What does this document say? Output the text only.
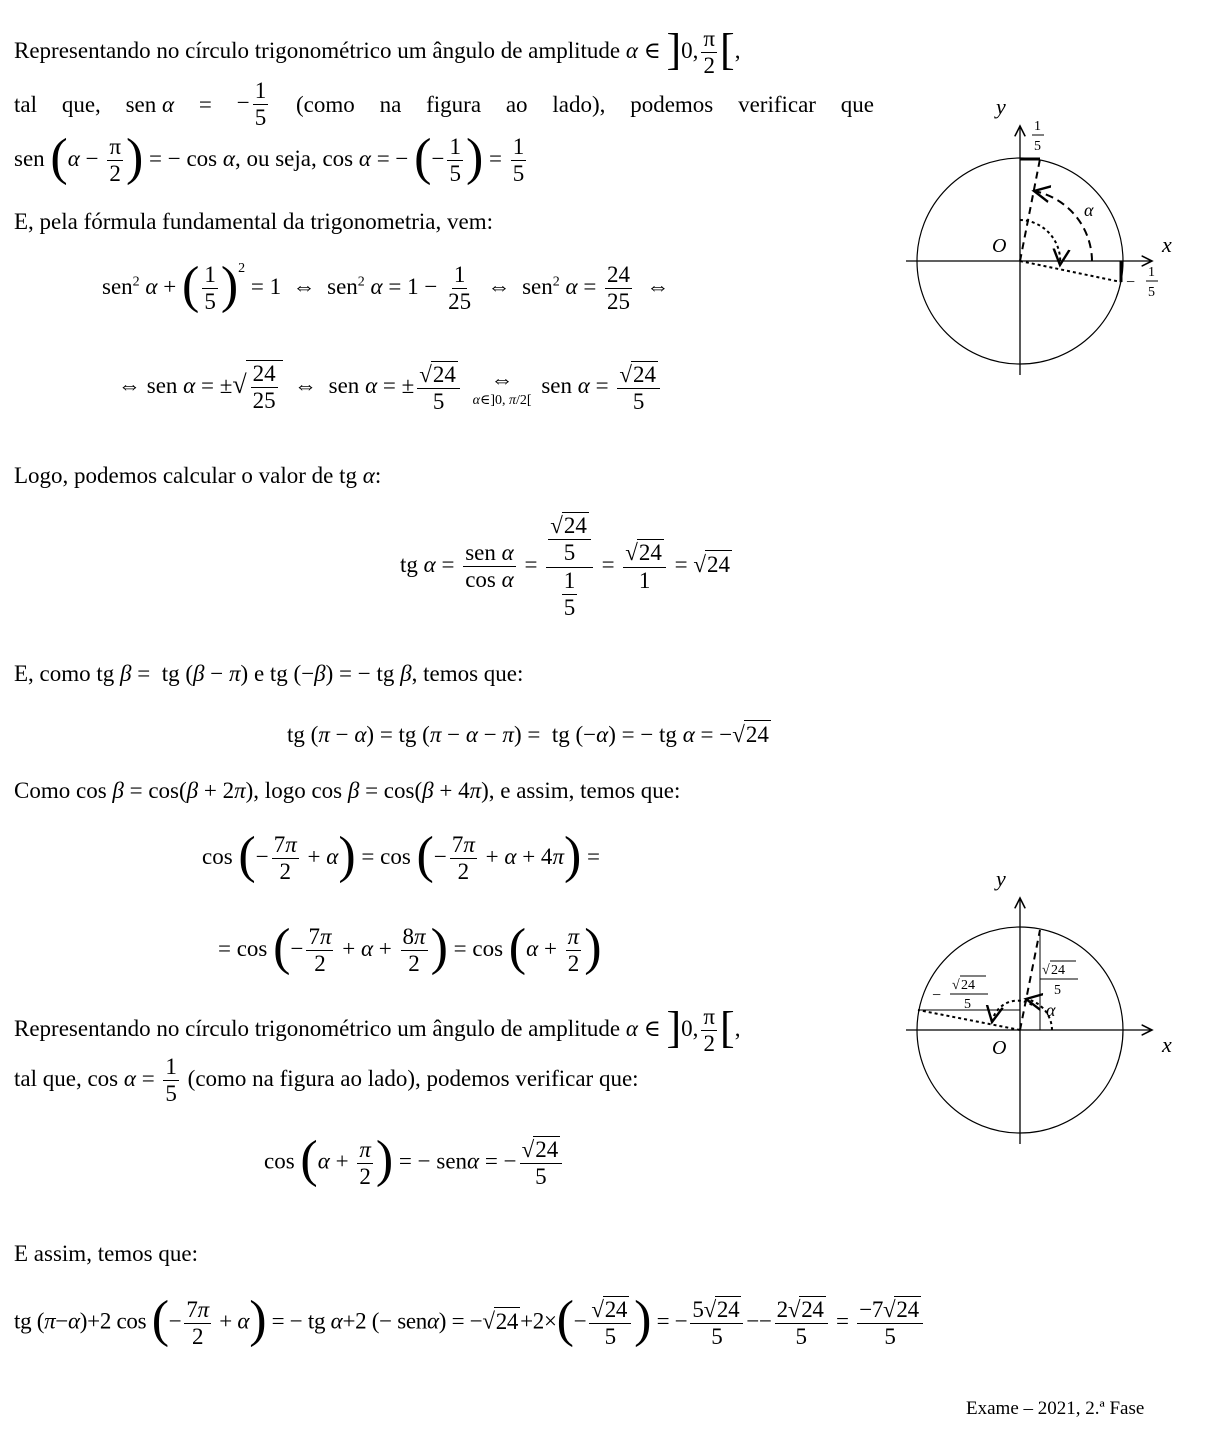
Representando no círculo trigonométrico um ângulo de amplitude α ∈ ]0, $\frac{\pi}{2}$ [,
tal que, sen α = − $\frac{1}{5}$ (como na figura ao lado), podemos verificar que
sen ($\alpha - \frac{\pi}{2}$ ) = − cos α, ou seja, cos α = − (− $\frac{1}{5}$ ) = $\frac{1}{5}$
E, pela fórmula fundamental da trigonometria, vem:
sen$^2$ α + ( $\frac{1}{5} )^2 = 1$  ⇔  sen$^2$ $\alpha = 1 - \frac{1}{25}$ ⇔  sen$^2$ $\alpha = \frac{24}{25}$ ⇔
⇔ sen α = ±√ $\frac{24}{25}$ ⇔  sen α = ± $\frac{√24}{5}$
⇔
α∈]0, π/2[
sen $\alpha = \frac{√24}{5}$
Logo, podemos calcular o valor de tg α:
tg $\alpha = \frac{\text{sen α}}{\text{cos α}} = \frac{\frac{√24}{5}}{\frac{1}{5}} = \frac{√24}{1} = √24$
E, como tg β =  tg (β − π) e tg (−β) = − tg β, temos que:
tg (π − α) = tg (π − α − π) =  tg (−α) = − tg α = −√24
Como cos β = cos(β + 2π), logo cos β = cos(β + 4π), e assim, temos que:
cos (− $\frac{7\pi}{2} + \alpha) = \cos$ (− $\frac{7\pi}{2} + \alpha + 4\pi$) =
= cos (− $\frac{7\pi}{2} + \alpha + \frac{8\pi}{2}$ ) = $\cos (\alpha + \frac{\pi}{2}$ )
Representando no círculo trigonométrico um ângulo de amplitude α ∈ ]0, $\frac{\pi}{2}$ [,
tal que, $\cos \alpha = \frac{1}{5}$ (como na figura ao lado), podemos verificar que:
$\cos (\alpha + \frac{\pi}{2}$ ) = − senα = − $\frac{√24}{5}$
E assim, temos que:
tg (π−α)+2 cos (− $\frac{7\pi}{2} + \alpha$) = − tg α+2 (− $sen\alpha) = -√24+2\times(- \frac{√24}{5}$ ) = − $\frac{5√24}{5} -- \frac{2√24}{5} = \frac{-7√24}{5}$
Exame – 2021, 2.ª Fase
y
x
O
α
1
5
−
1
5
y
x
O
α
√ 24
5
−
√ 24
5
